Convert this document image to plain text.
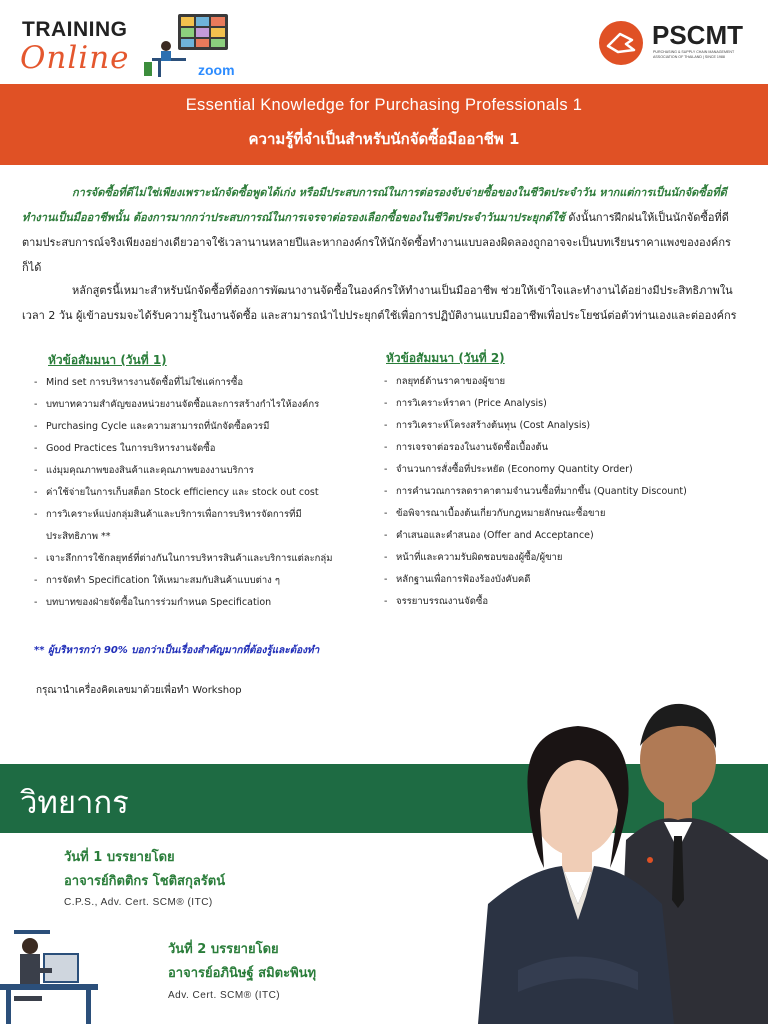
TRAINING
Online	zoom
PSCMT
PURCHASING & SUPPLY CHAIN MANAGEMENT ASSOCIATION OF THAILAND | SINCE 1988
Essential Knowledge for Purchasing Professionals 1
ความรู้ที่จำเป็นสำหรับนักจัดซื้อมืออาชีพ 1
การจัดซื้อที่ดีไม่ใช่เพียงเพราะนักจัดซื้อพูดได้เก่ง หรือมีประสบการณ์ในการต่อรองจับจ่ายซื้อของในชีวิตประจำวัน หากแต่การเป็นนักจัดซื้อที่ดี ทำงานเป็นมืออาชีพนั้น ต้องการมากกว่าประสบการณ์ในการเจรจาต่อรองเลือกซื้อของในชีวิตประจำวันมาประยุกต์ใช้ ดังนั้นการฝึกฝนให้เป็นนักจัดซื้อที่ดีตามประสบการณ์จริงเพียงอย่างเดียวอาจใช้เวลานานหลายปีและหากองค์กรให้นักจัดซื้อทำงานแบบลองผิดลองถูกอาจจะเป็นบทเรียนราคาแพงขององค์กรก็ได้
หลักสูตรนี้เหมาะสำหรับนักจัดซื้อที่ต้องการพัฒนางานจัดซื้อในองค์กรให้ทำงานเป็นมืออาชีพ ช่วยให้เข้าใจและทำงานได้อย่างมีประสิทธิภาพในเวลา 2 วัน ผู้เข้าอบรมจะได้รับความรู้ในงานจัดซื้อ และสามารถนำไปประยุกต์ใช้เพื่อการปฏิบัติงานแบบมืออาชีพเพื่อประโยชน์ต่อตัวท่านเองและต่อองค์กร
หัวข้อสัมมนา (วันที่ 1)
- Mind set การบริหารงานจัดซื้อที่ไม่ใช่แค่การซื้อ
- บทบาทความสำคัญของหน่วยงานจัดซื้อและการสร้างกำไรให้องค์กร
- Purchasing Cycle และความสามารถที่นักจัดซื้อควรมี
- Good Practices ในการบริหารงานจัดซื้อ
- แง่มุมคุณภาพของสินค้าและคุณภาพของงานบริการ
- ค่าใช้จ่ายในการเก็บสต็อก Stock efficiency และ stock out cost
- การวิเคราะห์แบ่งกลุ่มสินค้าและบริการเพื่อการบริหารจัดการที่มี
ประสิทธิภาพ **
- เจาะลึกการใช้กลยุทธ์ที่ต่างกันในการบริหารสินค้าและบริการแต่ละกลุ่ม
- การจัดทำ Specification ให้เหมาะสมกับสินค้าแบบต่าง ๆ
- บทบาทของฝ่ายจัดซื้อในการร่วมกำหนด Specification
หัวข้อสัมมนา (วันที่ 2)
- กลยุทธ์ด้านราคาของผู้ขาย
- การวิเคราะห์ราคา (Price Analysis)
- การวิเคราะห์โครงสร้างต้นทุน (Cost Analysis)
- การเจรจาต่อรองในงานจัดซื้อเบื้องต้น
- จำนวนการสั่งซื้อที่ประหยัด (Economy Quantity Order)
- การคำนวณการลดราคาตามจำนวนซื้อที่มากขึ้น (Quantity Discount)
- ข้อพิจารณาเบื้องต้นเกี่ยวกับกฎหมายลักษณะซื้อขาย
- คำเสนอและคำสนอง (Offer and Acceptance)
- หน้าที่และความรับผิดชอบของผู้ซื้อ/ผู้ขาย
- หลักฐานเพื่อการฟ้องร้องบังคับคดี
- จรรยาบรรณงานจัดซื้อ
** ผู้บริหารกว่า 90% บอกว่าเป็นเรื่องสำคัญมากที่ต้องรู้และต้องทำ
กรุณานำเครื่องคิดเลขมาด้วยเพื่อทำ Workshop
วิทยากร
วันที่ 1 บรรยายโดย
อาจารย์กิตติกร โชติสกุลรัตน์
C.P.S., Adv. Cert. SCM® (ITC)
วันที่ 2 บรรยายโดย
อาจารย์อภินิษฐ์ สมิตะพินทุ
Adv. Cert. SCM® (ITC)
